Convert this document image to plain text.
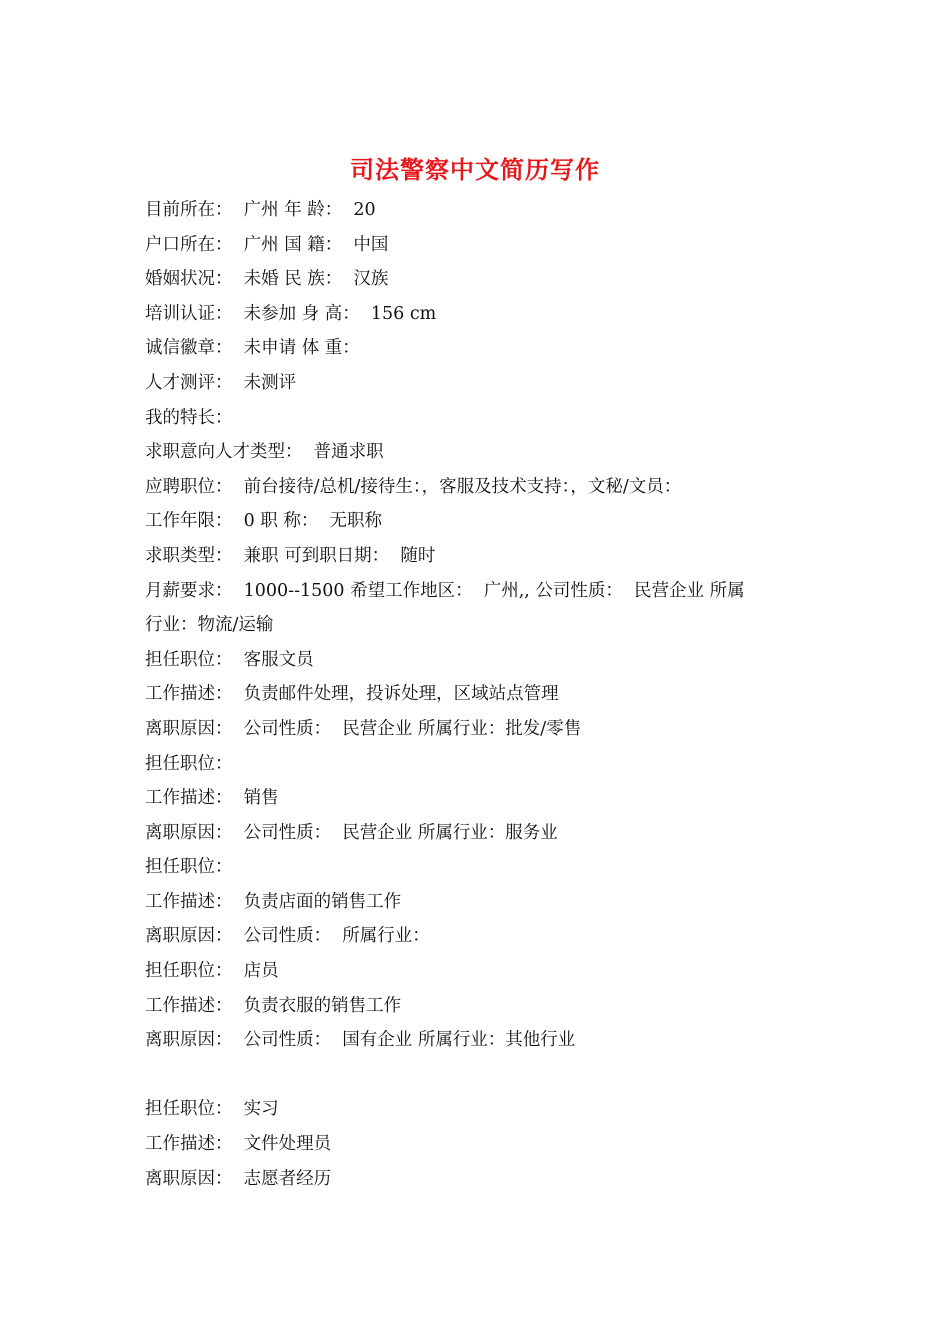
司法警察中文简历写作
目前所在：  广州 年 龄：  20
户口所在：  广州 国 籍：  中国
婚姻状况：  未婚 民 族：  汉族
培训认证：  未参加 身 高：  156 cm
诚信徽章：  未申请 体 重：
人才测评：  未测评
我的特长：
求职意向人才类型：  普通求职
应聘职位：  前台接待/总机/接待生：，客服及技术支持：，文秘/文员：
工作年限：  0 职 称：  无职称
求职类型：  兼职 可到职日期：  随时
月薪要求：  1000--1500 希望工作地区：  广州,, 公司性质：  民营企业 所属
行业：物流/运输
担任职位：  客服文员
工作描述：  负责邮件处理，投诉处理，区域站点管理
离职原因：  公司性质：  民营企业 所属行业：批发/零售
担任职位：
工作描述：  销售
离职原因：  公司性质：  民营企业 所属行业：服务业
担任职位：
工作描述：  负责店面的销售工作
离职原因：  公司性质：  所属行业：
担任职位：  店员
工作描述：  负责衣服的销售工作
离职原因：  公司性质：  国有企业 所属行业：其他行业
担任职位：  实习
工作描述：  文件处理员
离职原因：  志愿者经历
